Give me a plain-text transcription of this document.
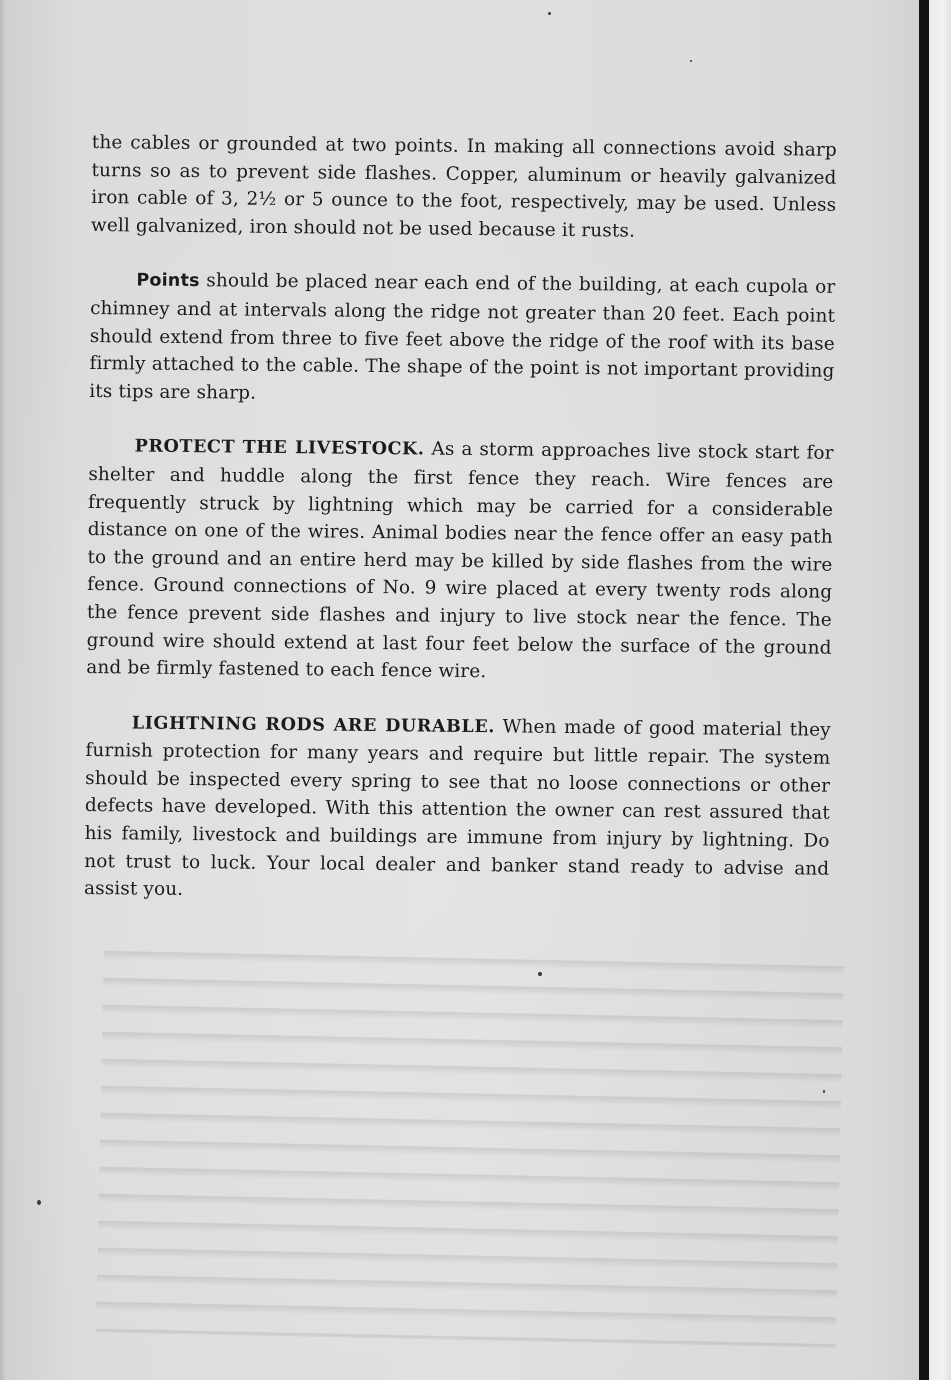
the cables or grounded at two points. In making all connections avoid sharp turns so as to prevent side flashes. Copper, aluminum or heavily galvanized iron cable of 3, 2½ or 5 ounce to the foot, respectively, may be used. Unless well galvanized, iron should not be used because it rusts.

Points should be placed near each end of the building, at each cupola or chimney and at intervals along the ridge not greater than 20 feet. Each point should extend from three to five feet above the ridge of the roof with its base firmly attached to the cable. The shape of the point is not important providing its tips are sharp.

PROTECT THE LIVESTOCK. As a storm approaches live stock start for shelter and huddle along the first fence they reach. Wire fences are frequently struck by lightning which may be carried for a considerable distance on one of the wires. Animal bodies near the fence offer an easy path to the ground and an entire herd may be killed by side flashes from the wire fence. Ground connections of No. 9 wire placed at every twenty rods along the fence prevent side flashes and injury to live stock near the fence. The ground wire should extend at last four feet below the surface of the ground and be firmly fastened to each fence wire.

LIGHTNING RODS ARE DURABLE. When made of good material they furnish protection for many years and require but little repair. The system should be inspected every spring to see that no loose connections or other defects have developed. With this attention the owner can rest assured that his family, livestock and buildings are immune from injury by lightning. Do not trust to luck. Your local dealer and banker stand ready to advise and assist you.
